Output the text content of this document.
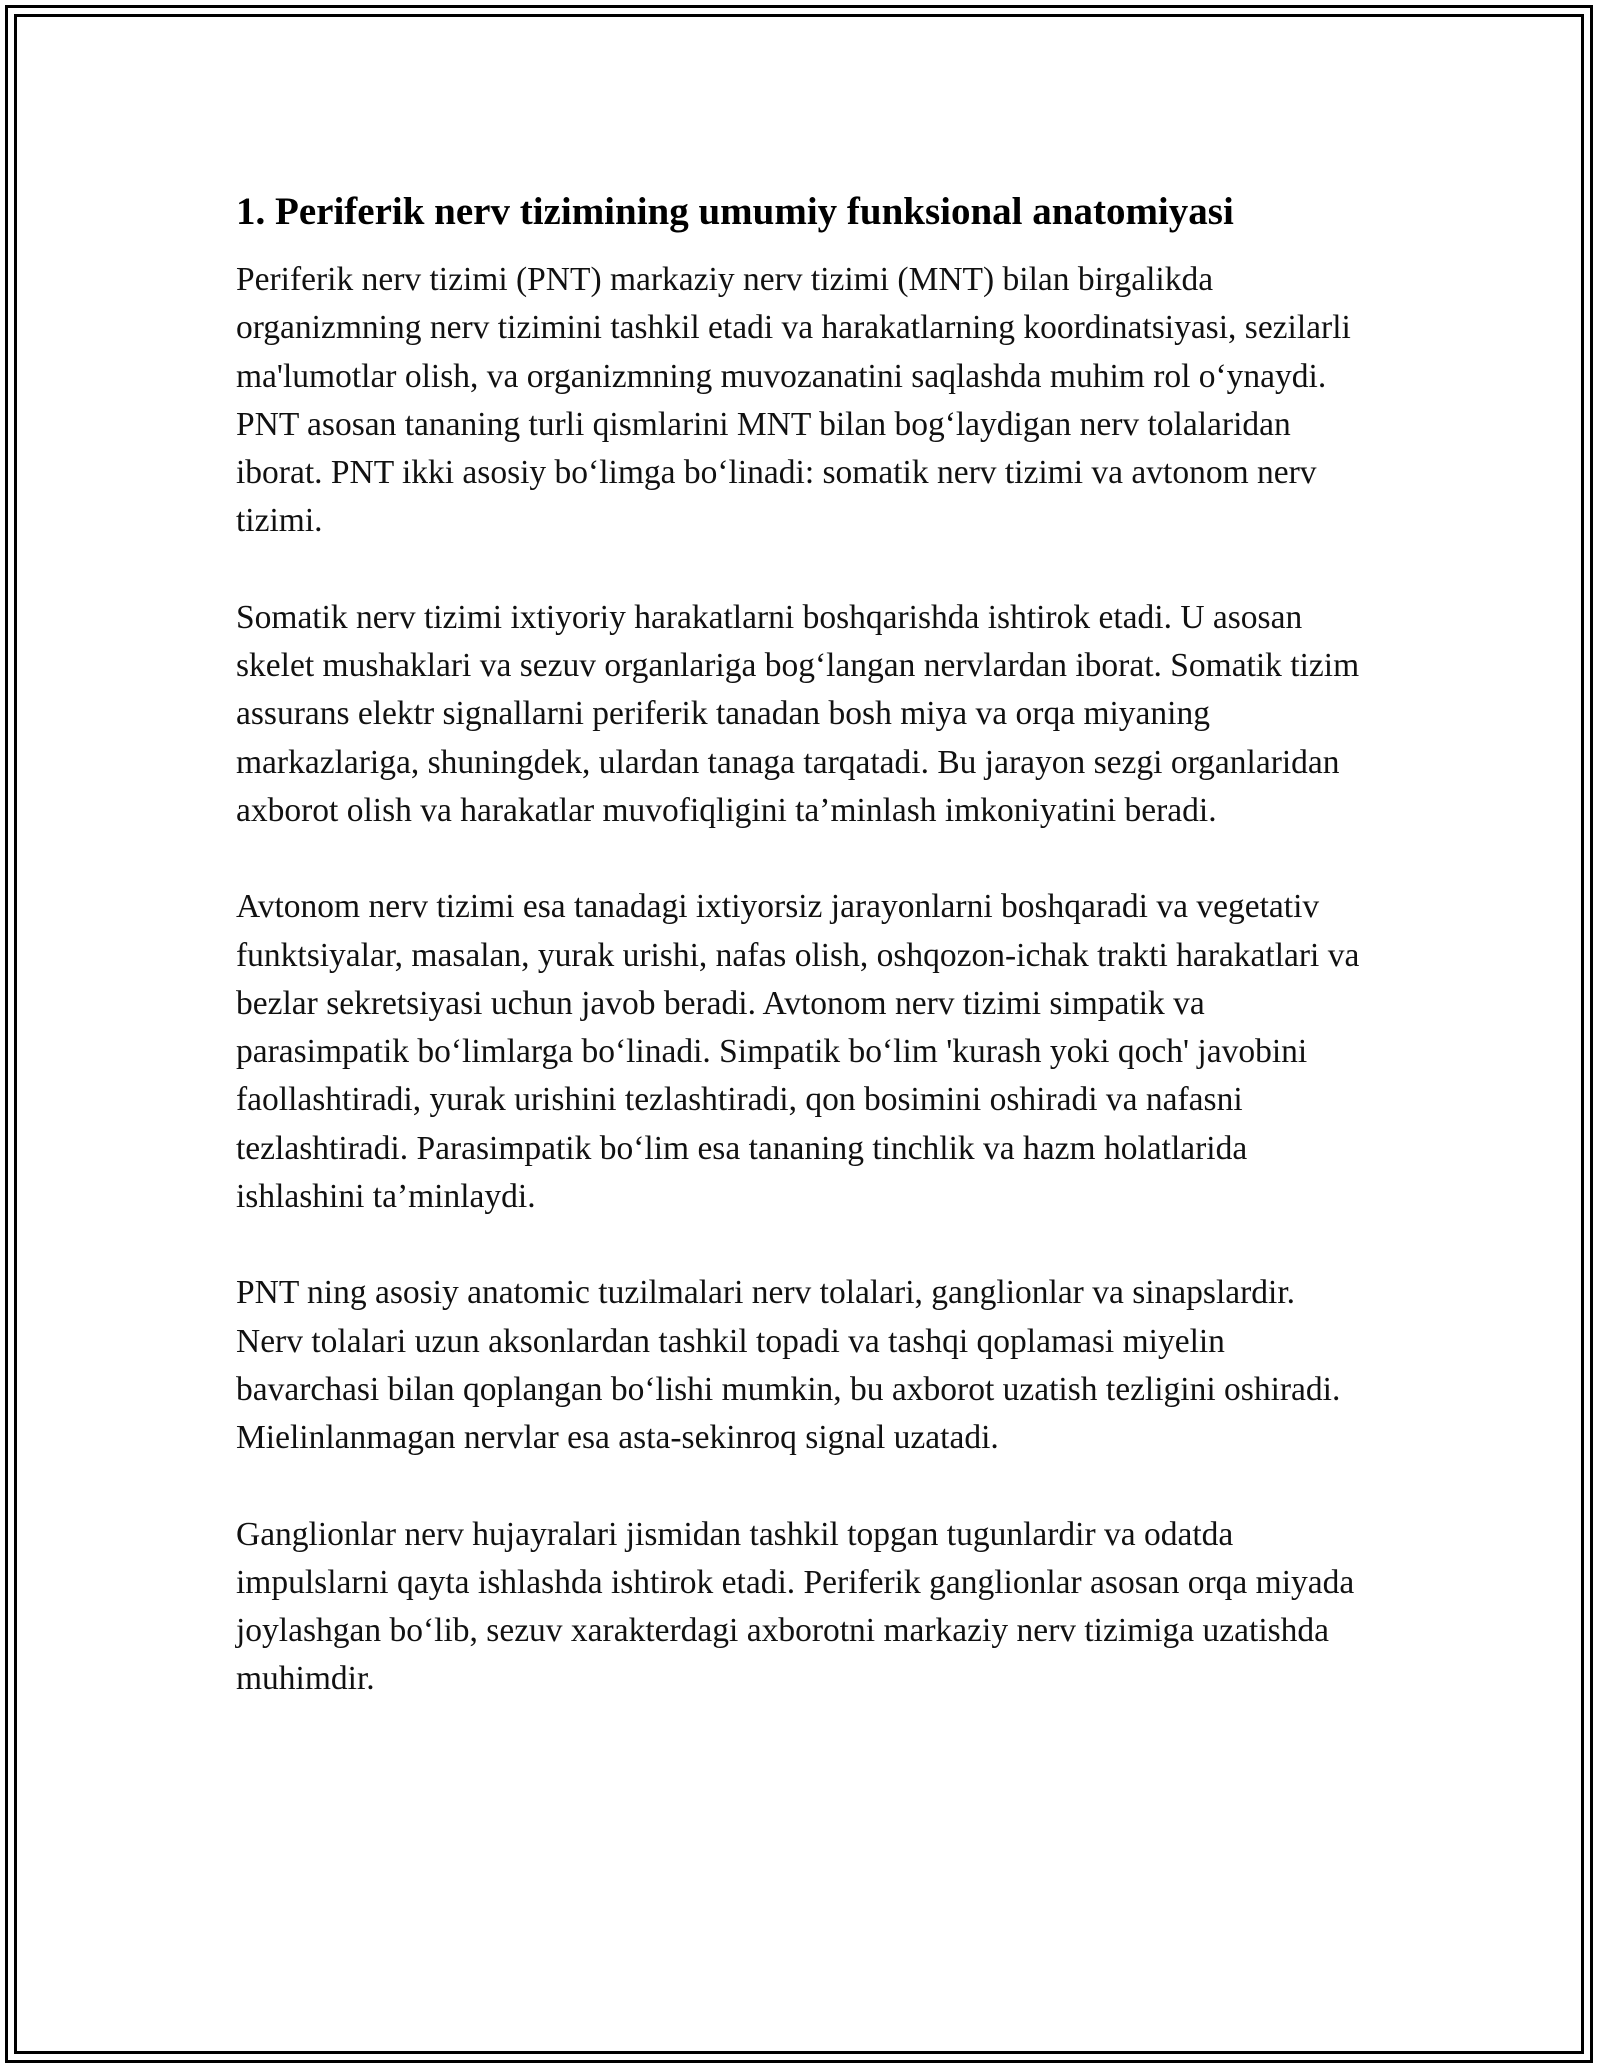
1. Periferik nerv tizimining umumiy funksional anatomiyasi

Periferik nerv tizimi (PNT) markaziy nerv tizimi (MNT) bilan birgalikda organizmning nerv tizimini tashkil etadi va harakatlarning koordinatsiyasi, sezilarli ma'lumotlar olish, va organizmning muvozanatini saqlashda muhim rol o‘ynaydi. PNT asosan tananing turli qismlarini MNT bilan bog‘laydigan nerv tolalaridan iborat. PNT ikki asosiy bo‘limga bo‘linadi: somatik nerv tizimi va avtonom nerv tizimi.

Somatik nerv tizimi ixtiyoriy harakatlarni boshqarishda ishtirok etadi. U asosan skelet mushaklari va sezuv organlariga bog‘langan nervlardan iborat. Somatik tizim assurans elektr signallarni periferik tanadan bosh miya va orqa miyaning markazlariga, shuningdek, ulardan tanaga tarqatadi. Bu jarayon sezgi organlaridan axborot olish va harakatlar muvofiqligini ta’minlash imkoniyatini beradi.

Avtonom nerv tizimi esa tanadagi ixtiyorsiz jarayonlarni boshqaradi va vegetativ funktsiyalar, masalan, yurak urishi, nafas olish, oshqozon-ichak trakti harakatlari va bezlar sekretsiyasi uchun javob beradi. Avtonom nerv tizimi simpatik va parasimpatik bo‘limlarga bo‘linadi. Simpatik bo‘lim 'kurash yoki qoch' javobini faollashtiradi, yurak urishini tezlashtiradi, qon bosimini oshiradi va nafasni tezlashtiradi. Parasimpatik bo‘lim esa tananing tinchlik va hazm holatlarida ishlashini ta’minlaydi.

PNT ning asosiy anatomic tuzilmalari nerv tolalari, ganglionlar va sinapslardir. Nerv tolalari uzun aksonlardan tashkil topadi va tashqi qoplamasi miyelin bavarchasi bilan qoplangan bo‘lishi mumkin, bu axborot uzatish tezligini oshiradi. Mielinlanmagan nervlar esa asta-sekinroq signal uzatadi.

Ganglionlar nerv hujayralari jismidan tashkil topgan tugunlardir va odatda impulslarni qayta ishlashda ishtirok etadi. Periferik ganglionlar asosan orqa miyada joylashgan bo‘lib, sezuv xarakterdagi axborotni markaziy nerv tizimiga uzatishda muhimdir.
